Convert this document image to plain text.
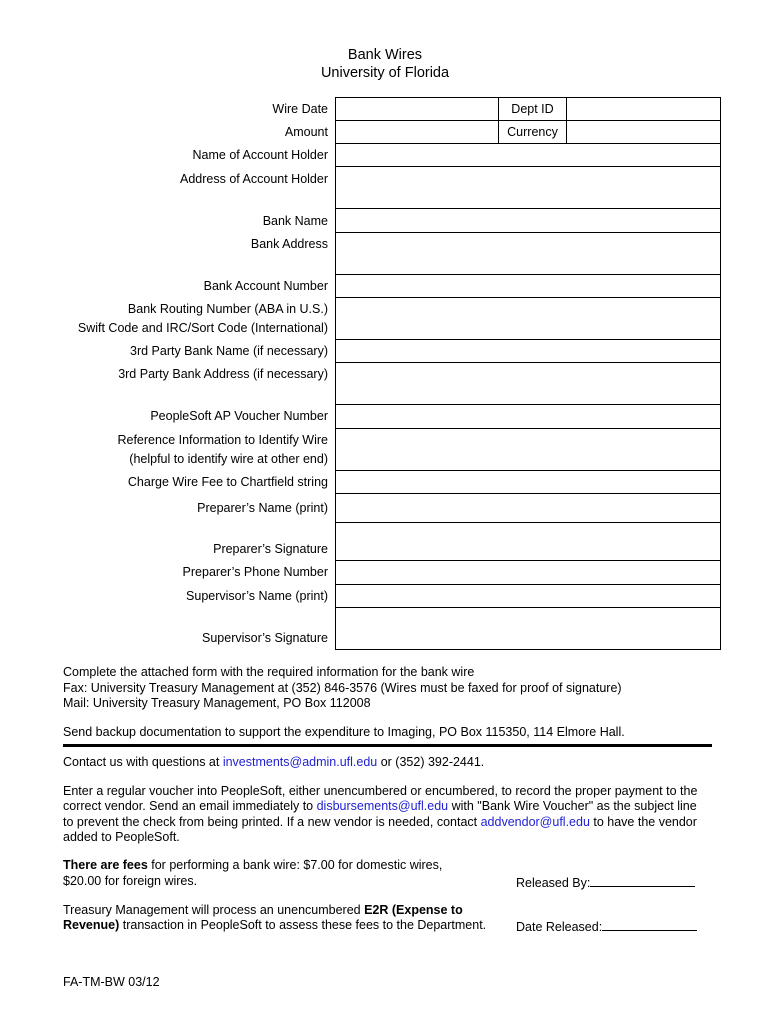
Bank Wires
University of Florida
Dept ID
Currency
Wire Date
Amount
Name of Account Holder
Address of Account Holder
Bank Name
Bank Address
Bank Account Number
Bank Routing Number (ABA in U.S.)
Swift Code and IRC/Sort Code (International)
3rd Party Bank Name (if necessary)
3rd Party Bank Address (if necessary)
PeopleSoft AP Voucher Number
Reference Information to Identify Wire
(helpful to identify wire at other end)
Charge Wire Fee to Chartfield string
Preparer’s Name (print)
Preparer’s Signature
Preparer’s Phone Number
Supervisor’s Name (print)
Supervisor’s Signature
Complete the attached form with the required information for the bank wire
Fax: University Treasury Management at (352) 846-3576 (Wires must be faxed for proof of signature)
Mail: University Treasury Management, PO Box 112008
Send backup documentation to support the expenditure to Imaging, PO Box 115350, 114 Elmore Hall.
Contact us with questions at investments@admin.ufl.edu or (352) 392-2441.
Enter a regular voucher into PeopleSoft, either unencumbered or encumbered, to record the proper payment to the
correct vendor. Send an email immediately to disbursements@ufl.edu with "Bank Wire Voucher" as the subject line
to prevent the check from being printed. If a new vendor is needed, contact addvendor@ufl.edu to have the vendor
added to PeopleSoft.
There are fees for performing a bank wire: $7.00 for domestic wires,
$20.00 for foreign wires.	Released By:
Treasury Management will process an unencumbered E2R (Expense to
Revenue) transaction in PeopleSoft to assess these fees to the Department. Date Released:
FA-TM-BW 03/12
